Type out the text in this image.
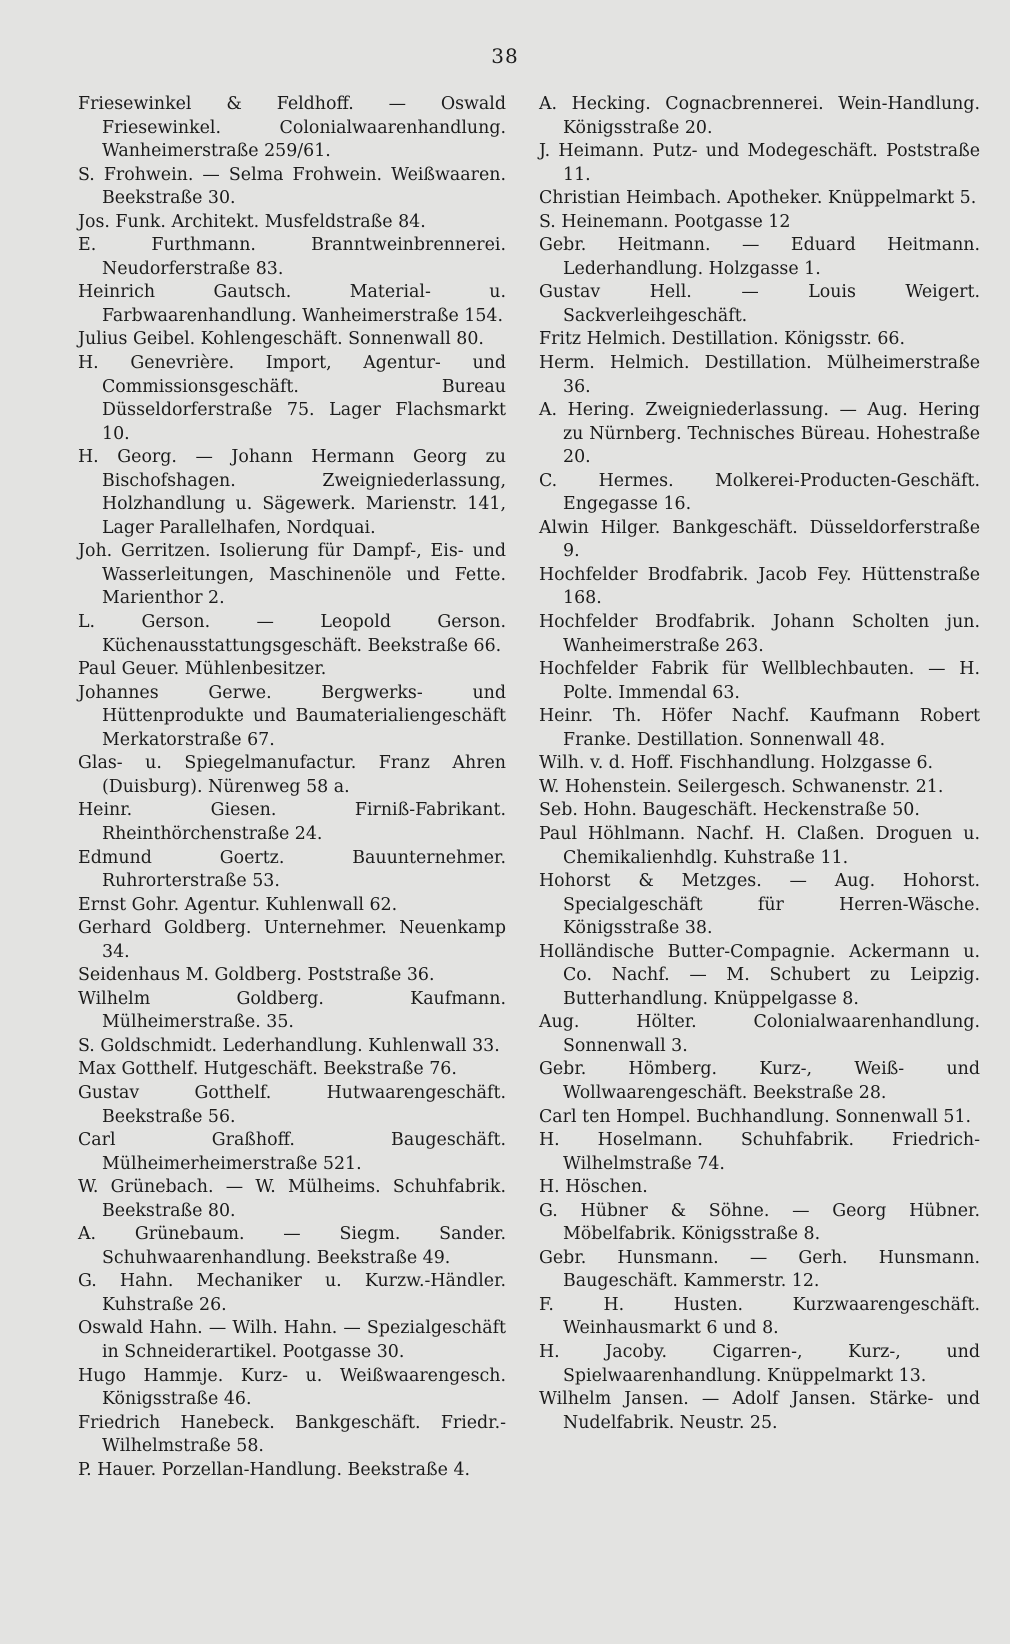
38

Friesewinkel & Feldhoff. — Oswald Friesewinkel. Colonialwaarenhandlung. Wanheimerstraße 259/61.

S. Frohwein. — Selma Frohwein. Weißwaaren. Beekstraße 30.

Jos. Funk. Architekt. Musfeldstraße 84.

E. Furthmann. Branntweinbrennerei. Neudorferstraße 83.

Heinrich Gautsch. Material- u. Farbwaarenhandlung. Wanheimerstraße 154.

Julius Geibel. Kohlengeschäft. Sonnenwall 80.

H. Genevrière. Import, Agentur- und Commissionsgeschäft. Bureau Düsseldorferstraße 75. Lager Flachsmarkt 10.

H. Georg. — Johann Hermann Georg zu Bischofshagen. Zweigniederlassung, Holzhandlung u. Sägewerk. Marienstr. 141, Lager Parallelhafen, Nordquai.

Joh. Gerritzen. Isolierung für Dampf-, Eis- und Wasserleitungen, Maschinenöle und Fette. Marienthor 2.

L. Gerson. — Leopold Gerson. Küchenausstattungsgeschäft. Beekstraße 66.

Paul Geuer. Mühlenbesitzer.

Johannes Gerwe. Bergwerks- und Hüttenprodukte und Baumaterialiengeschäft Merkatorstraße 67.

Glas- u. Spiegelmanufactur. Franz Ahren (Duisburg). Nürenweg 58 a.

Heinr. Giesen. Firniß-Fabrikant. Rheinthörchenstraße 24.

Edmund Goertz. Bauunternehmer. Ruhrorterstraße 53.

Ernst Gohr. Agentur. Kuhlenwall 62.

Gerhard Goldberg. Unternehmer. Neuenkamp 34.

Seidenhaus M. Goldberg. Poststraße 36.

Wilhelm Goldberg. Kaufmann. Mülheimerstraße. 35.

S. Goldschmidt. Lederhandlung. Kuhlenwall 33.

Max Gotthelf. Hutgeschäft. Beekstraße 76.

Gustav Gotthelf. Hutwaarengeschäft. Beekstraße 56.

Carl Graßhoff. Baugeschäft. Mülheimerheimerstraße 521.

W. Grünebach. — W. Mülheims. Schuhfabrik. Beekstraße 80.

A. Grünebaum. — Siegm. Sander. Schuhwaarenhandlung. Beekstraße 49.

G. Hahn. Mechaniker u. Kurzw.-Händler. Kuhstraße 26.

Oswald Hahn. — Wilh. Hahn. — Spezialgeschäft in Schneiderartikel. Pootgasse 30.

Hugo Hammje. Kurz- u. Weißwaarengesch. Königsstraße 46.

Friedrich Hanebeck. Bankgeschäft. Friedr.-Wilhelmstraße 58.

P. Hauer. Porzellan-Handlung. Beekstraße 4.

A. Hecking. Cognacbrennerei. Wein-Handlung. Königsstraße 20.

J. Heimann. Putz- und Modegeschäft. Poststraße 11.

Christian Heimbach. Apotheker. Knüppelmarkt 5.

S. Heinemann. Pootgasse 12

Gebr. Heitmann. — Eduard Heitmann. Lederhandlung. Holzgasse 1.

Gustav Hell. — Louis Weigert. Sackverleihgeschäft.

Fritz Helmich. Destillation. Königsstr. 66.

Herm. Helmich. Destillation. Mülheimerstraße 36.

A. Hering. Zweigniederlassung. — Aug. Hering zu Nürnberg. Technisches Büreau. Hohestraße 20.

C. Hermes. Molkerei-Producten-Geschäft. Engegasse 16.

Alwin Hilger. Bankgeschäft. Düsseldorferstraße 9.

Hochfelder Brodfabrik. Jacob Fey. Hüttenstraße 168.

Hochfelder Brodfabrik. Johann Scholten jun. Wanheimerstraße 263.

Hochfelder Fabrik für Wellblechbauten. — H. Polte. Immendal 63.

Heinr. Th. Höfer Nachf. Kaufmann Robert Franke. Destillation. Sonnenwall 48.

Wilh. v. d. Hoff. Fischhandlung. Holzgasse 6.

W. Hohenstein. Seilergesch. Schwanenstr. 21.

Seb. Hohn. Baugeschäft. Heckenstraße 50.

Paul Höhlmann. Nachf. H. Claßen. Droguen u. Chemikalienhdlg. Kuhstraße 11.

Hohorst & Metzges. — Aug. Hohorst. Specialgeschäft für Herren-Wäsche. Königsstraße 38.

Holländische Butter-Compagnie. Ackermann u. Co. Nachf. — M. Schubert zu Leipzig. Butterhandlung. Knüppelgasse 8.

Aug. Hölter. Colonialwaarenhandlung. Sonnenwall 3.

Gebr. Hömberg. Kurz-, Weiß- und Wollwaarengeschäft. Beekstraße 28.

Carl ten Hompel. Buchhandlung. Sonnenwall 51.

H. Hoselmann. Schuhfabrik. Friedrich-Wilhelmstraße 74.

H. Höschen.

G. Hübner & Söhne. — Georg Hübner. Möbelfabrik. Königsstraße 8.

Gebr. Hunsmann. — Gerh. Hunsmann. Baugeschäft. Kammerstr. 12.

F. H. Husten. Kurzwaarengeschäft. Weinhausmarkt 6 und 8.

H. Jacoby. Cigarren-, Kurz-, und Spielwaarenhandlung. Knüppelmarkt 13.

Wilhelm Jansen. — Adolf Jansen. Stärke- und Nudelfabrik. Neustr. 25.
